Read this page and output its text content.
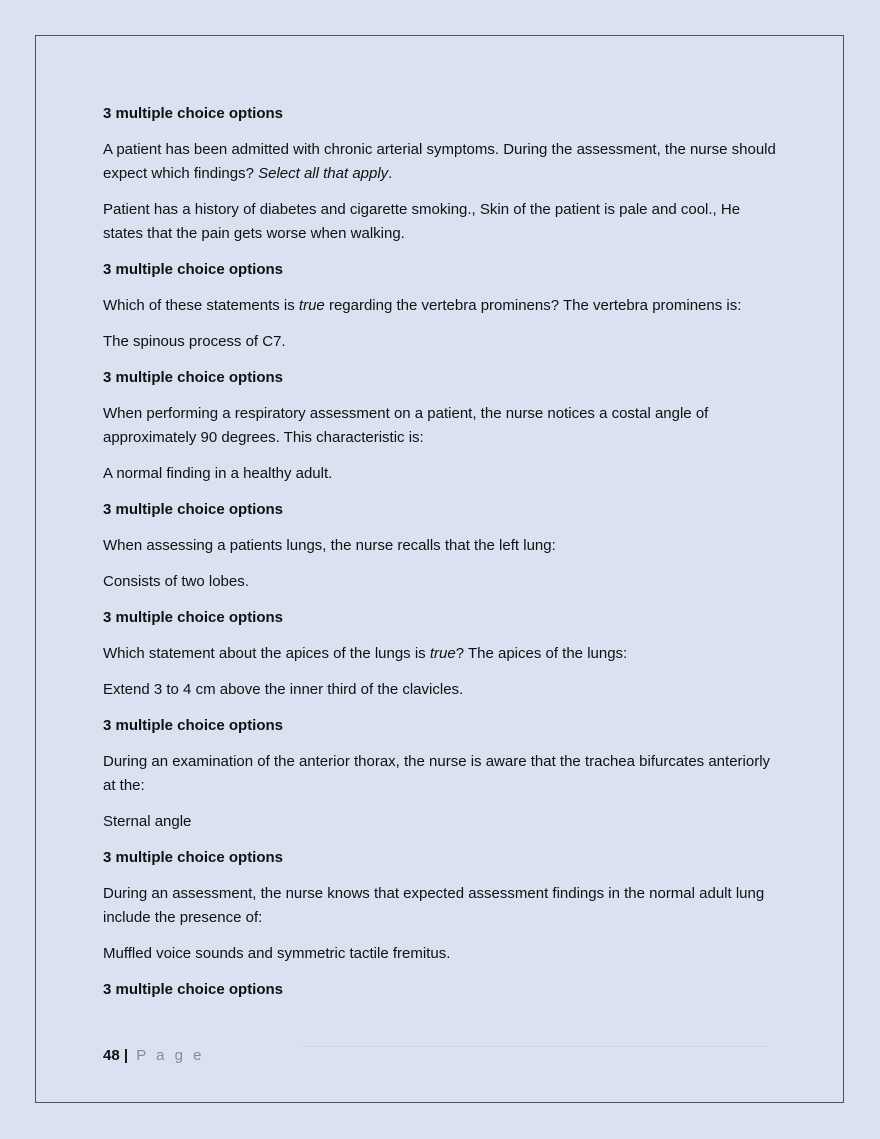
3 multiple choice options

A patient has been admitted with chronic arterial symptoms. During the assessment, the nurse should expect which findings? Select all that apply.

Patient has a history of diabetes and cigarette smoking., Skin of the patient is pale and cool., He states that the pain gets worse when walking.

3 multiple choice options

Which of these statements is true regarding the vertebra prominens? The vertebra prominens is:

The spinous process of C7.

3 multiple choice options

When performing a respiratory assessment on a patient, the nurse notices a costal angle of approximately 90 degrees. This characteristic is:

A normal finding in a healthy adult.

3 multiple choice options

When assessing a patients lungs, the nurse recalls that the left lung:

Consists of two lobes.

3 multiple choice options

Which statement about the apices of the lungs is true? The apices of the lungs:

Extend 3 to 4 cm above the inner third of the clavicles.

3 multiple choice options

During an examination of the anterior thorax, the nurse is aware that the trachea bifurcates anteriorly at the:

Sternal angle

3 multiple choice options

During an assessment, the nurse knows that expected assessment findings in the normal adult lung include the presence of:

Muffled voice sounds and symmetric tactile fremitus.

3 multiple choice options

48 | P a g e
